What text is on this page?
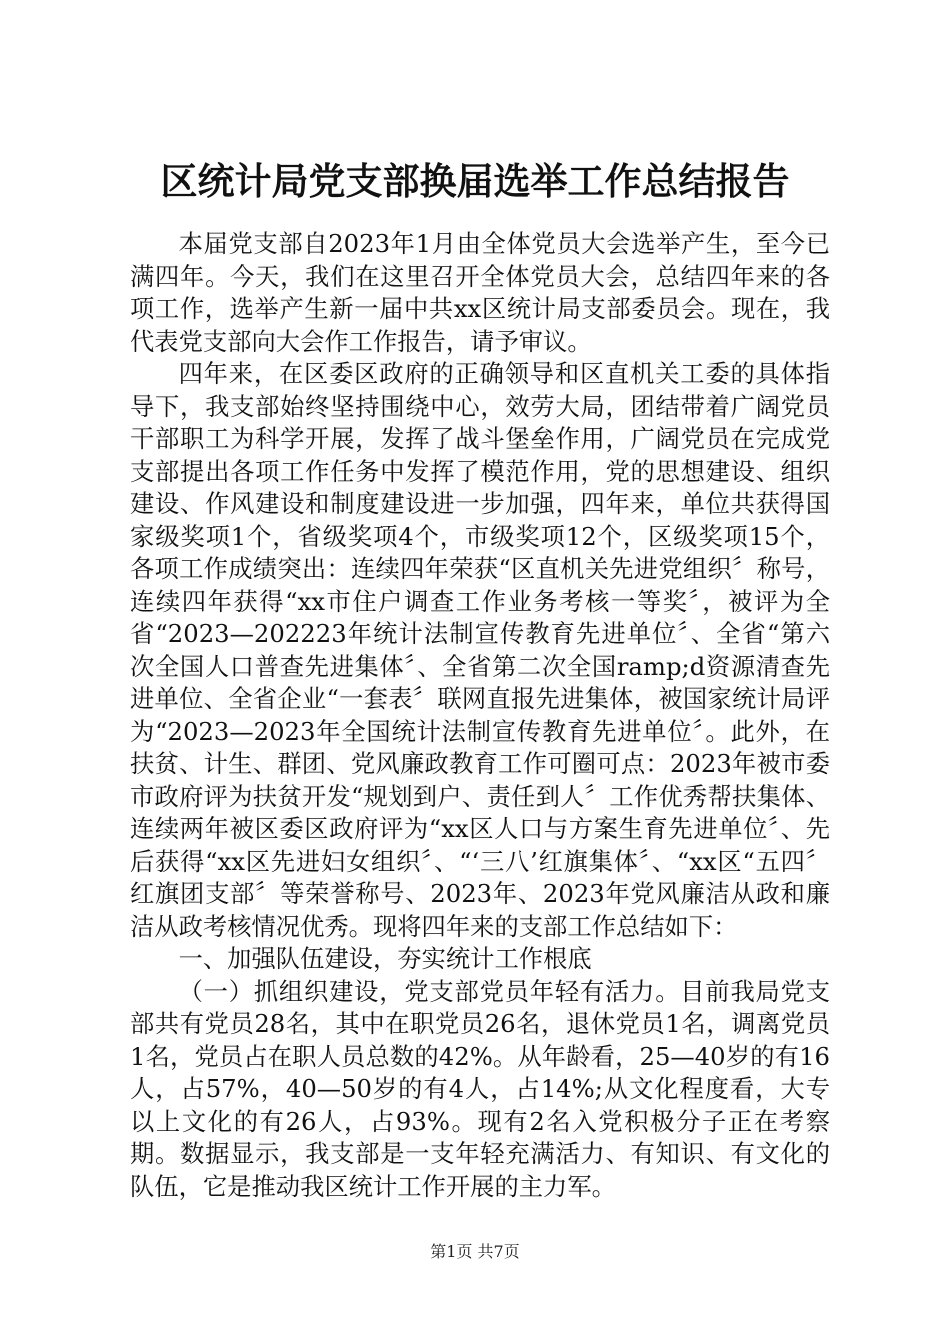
区统计局党支部换届选举工作总结报告

本届党支部自2023年1月由全体党员大会选举产生，至今已满四年。今天，我们在这里召开全体党员大会，总结四年来的各项工作，选举产生新一届中共xx区统计局支部委员会。现在，我代表党支部向大会作工作报告，请予审议。

四年来，在区委区政府的正确领导和区直机关工委的具体指导下，我支部始终坚持围绕中心，效劳大局，团结带着广阔党员干部职工为科学开展，发挥了战斗堡垒作用，广阔党员在完成党支部提出各项工作任务中发挥了模范作用，党的思想建设、组织建设、作风建设和制度建设进一步加强，四年来，单位共获得国家级奖项1个，省级奖项4个，市级奖项12个，区级奖项15个，各项工作成绩突出：连续四年荣获“区直机关先进党组织〞称号，连续四年获得“xx市住户调查工作业务考核一等奖〞，被评为全省“2023—202223年统计法制宣传教育先进单位〞、全省“第六次全国人口普查先进集体〞、全省第二次全国ramp;d资源清查先进单位、全省企业“一套表〞联网直报先进集体，被国家统计局评为“2023—2023年全国统计法制宣传教育先进单位〞。此外，在扶贫、计生、群团、党风廉政教育工作可圈可点：2023年被市委市政府评为扶贫开发“规划到户、责任到人〞工作优秀帮扶集体、连续两年被区委区政府评为“xx区人口与方案生育先进单位〞、先后获得“xx区先进妇女组织〞、“‘三八’红旗集体〞、“xx区“五四〞红旗团支部〞等荣誉称号、2023年、2023年党风廉洁从政和廉洁从政考核情况优秀。现将四年来的支部工作总结如下：

一、加强队伍建设，夯实统计工作根底

（一）抓组织建设，党支部党员年轻有活力。目前我局党支部共有党员28名，其中在职党员26名，退休党员1名，调离党员1名，党员占在职人员总数的42%。从年龄看，25—40岁的有16人，占57%，40—50岁的有4人，占14%;从文化程度看，大专以上文化的有26人，占93%。现有2名入党积极分子正在考察期。数据显示，我支部是一支年轻充满活力、有知识、有文化的队伍，它是推动我区统计工作开展的主力军。

第1页 共7页
